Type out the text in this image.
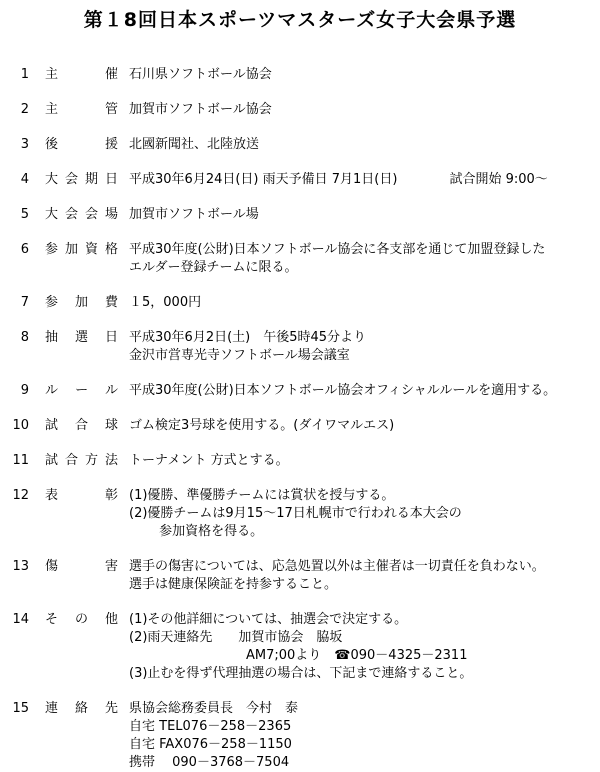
第１8回日本スポーツマスターズ女子大会県予選
1 主催 石川県ソフトボール協会
2 主管 加賀市ソフトボール協会
3 後援 北國新聞社、北陸放送
4 大会期日 平成30年6月24日(日) 雨天予備日 7月1日(日)　　　　試合開始 9:00～
5 大会会場 加賀市ソフトボール場
6 参加資格 平成30年度(公財)日本ソフトボール協会に各支部を通じて加盟登録した
エルダー登録チームに限る。
7 参加費 １5，000円
8 抽選日 平成30年6月2日(土)　午後5時45分より
金沢市営専光寺ソフトボール場会議室
9 ルール 平成30年度(公財)日本ソフトボール協会オフィシャルルールを適用する。
10 試合球 ゴム検定3号球を使用する。(ダイワマルエス)
11 試合方法 トーナメント 方式とする。
12 表彰 (1)優勝、準優勝チームには賞状を授与する。
(2)優勝チームは9月15～17日札幌市で行われる本大会の
　　 参加資格を得る。
13 傷害 選手の傷害については、応急処置以外は主催者は一切責任を負わない。
選手は健康保険証を持参すること。
14 その他 (1)その他詳細については、抽選会で決定する。
(2)雨天連絡先　　加賀市協会　脇坂
　　　　　　　　　AM7;00より　☎090－4325－2311
(3)止むを得ず代理抽選の場合は、下記まで連絡すること。
15 連絡先 県協会総務委員長　今村　泰
自宅 TEL076－258－2365
自宅 FAX076－258－1150
携帯　 090－3768－7504
